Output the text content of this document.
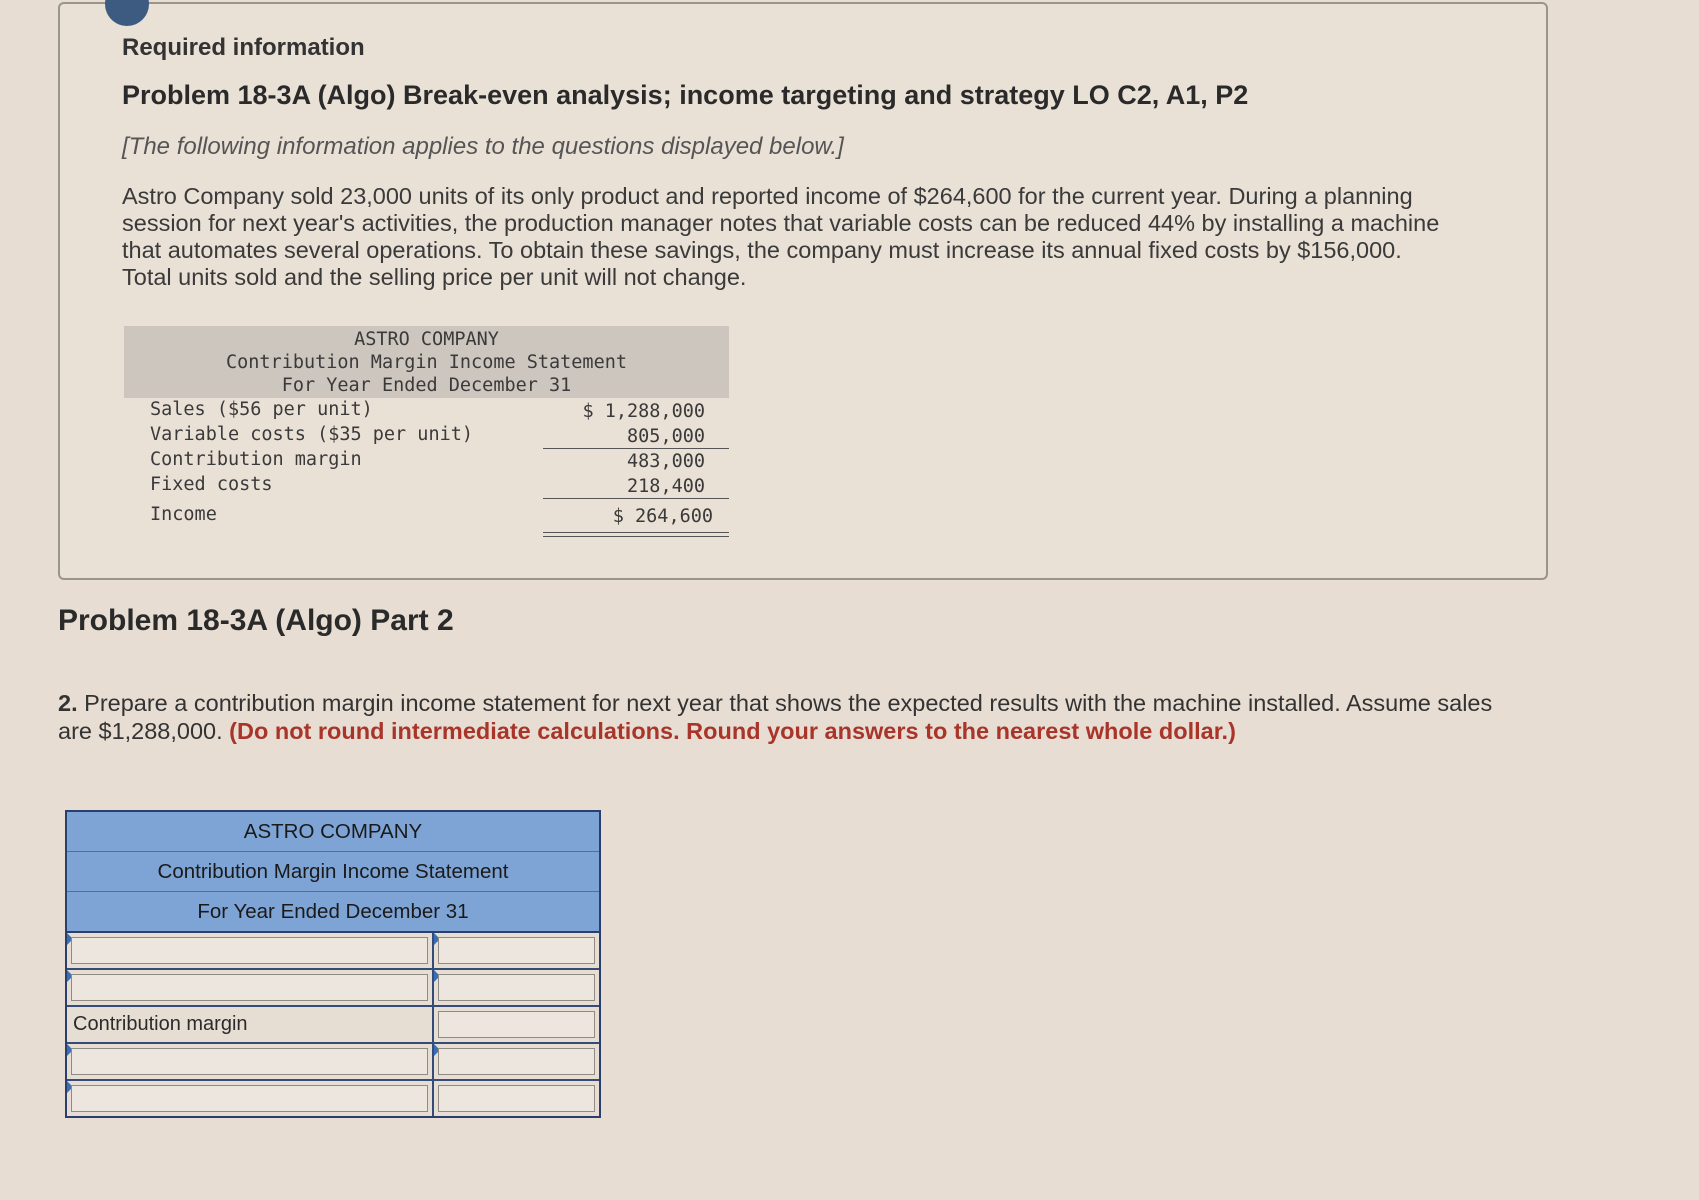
Required information
Problem 18-3A (Algo) Break-even analysis; income targeting and strategy LO C2, A1, P2
[The following information applies to the questions displayed below.]
Astro Company sold 23,000 units of its only product and reported income of $264,600 for the current year. During a planning session for next year's activities, the production manager notes that variable costs can be reduced 44% by installing a machine that automates several operations. To obtain these savings, the company must increase its annual fixed costs by $156,000. Total units sold and the selling price per unit will not change.
ASTRO COMPANY
Contribution Margin Income Statement
For Year Ended December 31
Sales ($56 per unit)	$ 1,288,000
Variable costs ($35 per unit)	805,000
Contribution margin	483,000
Fixed costs	218,400
Income	$ 264,600
Problem 18-3A (Algo) Part 2
2. Prepare a contribution margin income statement for next year that shows the expected results with the machine installed. Assume sales are $1,288,000. (Do not round intermediate calculations. Round your answers to the nearest whole dollar.)
ASTRO COMPANY
Contribution Margin Income Statement
For Year Ended December 31
Contribution margin
